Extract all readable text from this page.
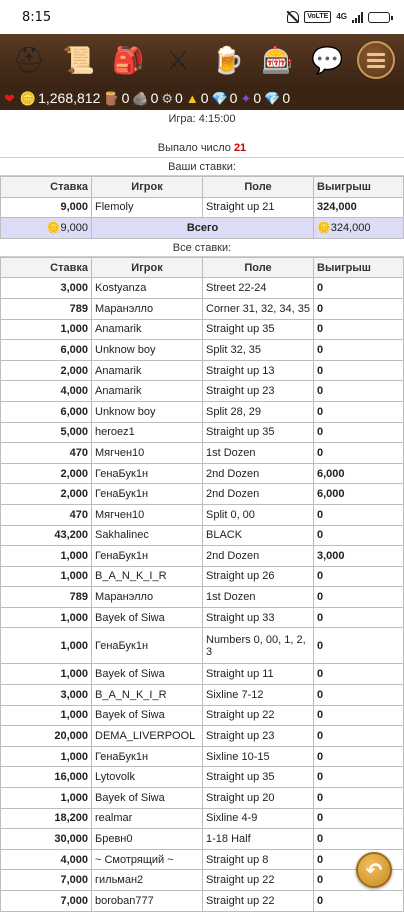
8:15	VoLTE	4G
⛑ 📜 🎒 ⚔ 🍺 🎰 💬
❤ 🪙 1,268,812 🪵 0 🪨 0 ⚙ 0 ▲ 0 💎 0 ✦ 0 💎 0
Игра: 4:15:00
Выпало число 21
Ваши ставки:
Ставка	Игрок	Поле	Выигрыш
9,000	Flemoly	Straight up 21	324,000
🪙9,000	Всего		🪙324,000
Все ставки:
Ставка	Игрок	Поле	Выигрыш
3,000	Kostyanza	Street 22-24	0
789	Маранэлло	Corner 31, 32, 34, 35	0
1,000	Anamarik	Straight up 35	0
6,000	Unknow boy	Split 32, 35	0
2,000	Anamarik	Straight up 13	0
4,000	Anamarik	Straight up 23	0
6,000	Unknow boy	Split 28, 29	0
5,000	heroez1	Straight up 35	0
470	Мягчен10	1st Dozen	0
2,000	ГенаБук1н	2nd Dozen	6,000
2,000	ГенаБук1н	2nd Dozen	6,000
470	Мягчен10	Split 0, 00	0
43,200	Sakhalinec	BLACK	0
1,000	ГенаБук1н	2nd Dozen	3,000
1,000	B_A_N_K_I_R	Straight up 26	0
789	Маранэлло	1st Dozen	0
1,000	Bayek of Siwa	Straight up 33	0
1,000	ГенаБук1н	Numbers 0, 00, 1, 2, 3	0
1,000	Bayek of Siwa	Straight up 11	0
3,000	B_A_N_K_I_R	Sixline 7-12	0
1,000	Bayek of Siwa	Straight up 22	0
20,000	DEMA_LIVERPOOL	Straight up 23	0
1,000	ГенаБук1н	Sixline 10-15	0
16,000	Lytovolk	Straight up 35	0
1,000	Bayek of Siwa	Straight up 20	0
18,200	realmar	Sixline 4-9	0
30,000	Бревн0	1-18 Half	0
4,000	~ Смотрящий ~	Straight up 8	0
7,000	гильман2	Straight up 22	0
7,000	boroban777	Straight up 22	0
↶
